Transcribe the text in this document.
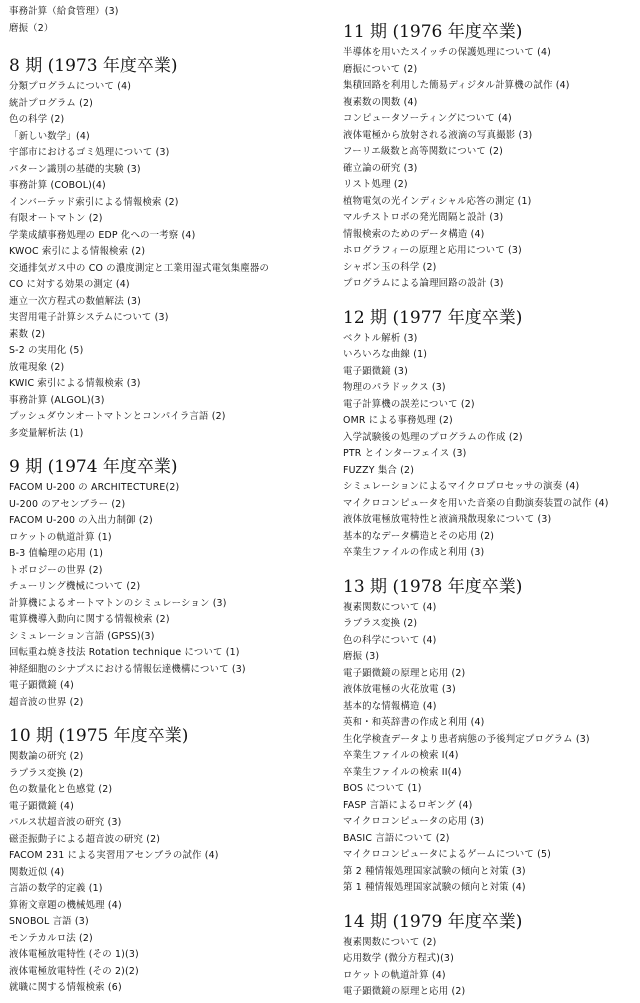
事務計算（給食管理）(3)
磨振（2）
8 期 (1973 年度卒業)
分類プログラムについて (4)
統計プログラム (2)
色の科学 (2)
「新しい数学」(4)
宇部市におけるゴミ処理について (3)
パターン識別の基礎的実験 (3)
事務計算 (COBOL)(4)
インバーテッド索引による情報検索 (2)
有限オートマトン (2)
学業成績事務処理の EDP 化への一考察 (4)
KWOC 索引による情報検索 (2)
交通排気ガス中の CO の濃度測定と工業用湿式電気集塵器の
CO に対する効果の測定 (4)
連立一次方程式の数値解法 (3)
実習用電子計算システムについて (3)
素数 (2)
S-2 の実用化 (5)
放電現象 (2)
KWIC 索引による情報検索 (3)
事務計算 (ALGOL)(3)
プッシュダウンオートマトンとコンパイラ言語 (2)
多変量解析法 (1)
9 期 (1974 年度卒業)
FACOM U-200 の ARCHITECTURE(2)
U-200 のアセンブラー (2)
FACOM U-200 の入出力制御 (2)
ロケットの軌道計算 (1)
B-3 值輪理の応用 (1)
トポロジーの世界 (2)
チューリング機械について (2)
計算機によるオートマトンのシミュレーション (3)
電算機導入動向に関する情報検索 (2)
シミュレーション言語 (GPSS)(3)
回転重ね焼き技法 Rotation technique について (1)
神経細胞のシナプスにおける情報伝達機構について (3)
電子顕微鏡 (4)
超音波の世界 (2)
10 期 (1975 年度卒業)
関数論の研究 (2)
ラプラス変換 (2)
色の数量化と色感覚 (2)
電子顕微鏡 (4)
パルス状超音波の研究 (3)
磁歪振動子による超音波の研究 (2)
FACOM 231 による実習用アセンブラの試作 (4)
関数近似 (4)
言語の数学的定義 (1)
算術文章題の機械処理 (4)
SNOBOL 言語 (3)
モンテカルロ法 (2)
液体電極放電特性 (その 1)(3)
液体電極放電特性 (その 2)(2)
就職に関する情報検索 (6)
11 期 (1976 年度卒業)
半導体を用いたスイッチの保護処理について (4)
磨振について (2)
集積回路を利用した簡易ディジタル計算機の試作 (4)
複素数の関数 (4)
コンピュータソーティングについて (4)
液体電極から放射される液滴の写真撮影 (3)
フーリエ級数と高等関数について (2)
確立論の研究 (3)
リスト処理 (2)
植物電気の光インディシャル応答の測定 (1)
マルチストロボの発光間隔と設計 (3)
情報検索のためのデータ構造 (4)
ホログラフィーの原理と応用について (3)
シャボン玉の科学 (2)
プログラムによる論理回路の設計 (3)
12 期 (1977 年度卒業)
ベクトル解析 (3)
いろいろな曲線 (1)
電子顕微鏡 (3)
物理のパラドックス (3)
電子計算機の誤差について (2)
OMR による事務処理 (2)
入学試験後の処理のプログラムの作成 (2)
PTR とインターフェイス (3)
FUZZY 集合 (2)
シミュレーションによるマイクロプロセッサの演奏 (4)
マイクロコンピュータを用いた音楽の自動演奏装置の試作 (4)
液体放電極放電特性と液滴飛散現象について (3)
基本的なデータ構造とその応用 (2)
卒業生ファイルの作成と利用 (3)
13 期 (1978 年度卒業)
複素関数について (4)
ラプラス変換 (2)
色の科学について (4)
磨振 (3)
電子顕微鏡の原理と応用 (2)
液体放電極の火花放電 (3)
基本的な情報構造 (4)
英和・和英辞書の作成と利用 (4)
生化学検査データより患者病態の予後判定プログラム (3)
卒業生ファイルの検索 I(4)
卒業生ファイルの検索 II(4)
BOS について (1)
FASP 言語によるロギング (4)
マイクロコンピュータの応用 (3)
BASIC 言語について (2)
マイクロコンピュータによるゲームについて (5)
第 2 種情報処理国家試験の傾向と対策 (3)
第 1 種情報処理国家試験の傾向と対策 (4)
14 期 (1979 年度卒業)
複素関数について (2)
応用数学 (微分方程式)(3)
ロケットの軌道計算 (4)
電子顕微鏡の原理と応用 (2)
